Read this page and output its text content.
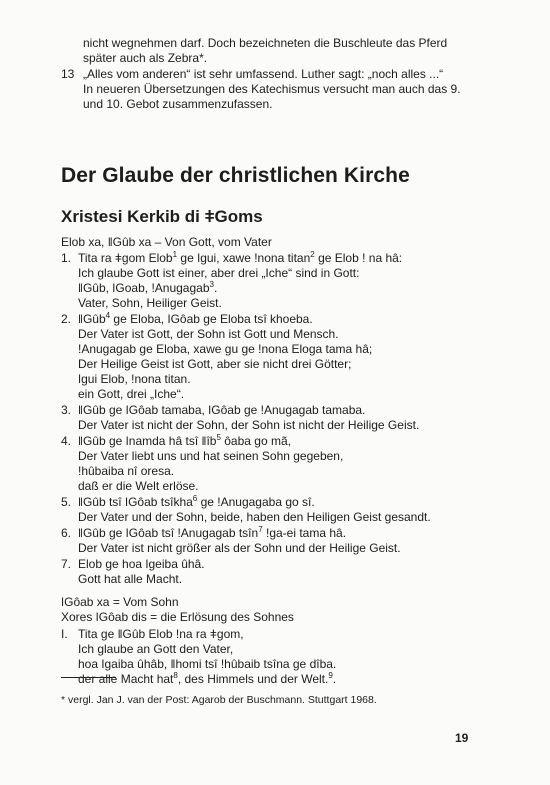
nicht wegnehmen darf. Doch bezeichneten die Buschleute das Pferd
später auch als Zebra*.
13 „Alles vom anderen“ ist sehr umfassend. Luther sagt: „noch alles ...“
In neueren Übersetzungen des Katechismus versucht man auch das 9.
und 10. Gebot zusammenzufassen.
Der Glaube der christlichen Kirche
Xristesi Kerkib di ǂGoms
Elob xa, ǁGûb xa – Von Gott, vom Vater
1. Tita ra ǂgom Elob$^1$ ge ǀgui, xawe !nona titan$^2$ ge Elob ! na hâ:
Ich glaube Gott ist einer, aber drei „Iche“ sind in Gott:
ǁGûb, ǀGoab, !Anugagab$^3$.
Vater, Sohn, Heiliger Geist.
2. ǁGûb$^4$ ge Eloba, ǀGôab ge Eloba tsî khoeba.
Der Vater ist Gott, der Sohn ist Gott und Mensch.
!Anugagab ge Eloba, xawe gu ge !nona Eloga tama hâ;
Der Heilige Geist ist Gott, aber sie nicht drei Götter;
ǀgui Elob, !nona titan.
ein Gott, drei „Iche“.
3. ǁGûb ge ǀGôab tamaba, ǀGôab ge !Anugagab tamaba.
Der Vater ist nicht der Sohn, der Sohn ist nicht der Heilige Geist.
4. ǁGûb ge ǀnamda hâ tsî ǁîb$^5$ ôaba go mã,
Der Vater liebt uns und hat seinen Sohn gegeben,
!hûbaiba nî oresa.
daß er die Welt erlöse.
5. ǁGûb tsî ǀGôab tsîkha$^6$ ge !Anugagaba go sî.
Der Vater und der Sohn, beide, haben den Heiligen Geist gesandt.
6. ǁGûb ge ǀGôab tsî !Anugagab tsîn$^7$ !ga-ei tama hâ.
Der Vater ist nicht größer als der Sohn und der Heilige Geist.
7. Elob ge hoa ǀgeiba ûhâ.
Gott hat alle Macht.
ǀGôab xa = Vom Sohn
Xores ǀGôab dis = die Erlösung des Sohnes
I. Tita ge ǁGûb Elob !na ra ǂgom,
Ich glaube an Gott den Vater,
hoa ǀgaiba ûhâb, ǁhomi tsî !hûbaib tsîna ge dîba.
der alle Macht hat$^8$, des Himmels und der Welt.$^9$.
* vergl. Jan J. van der Post: Agarob der Buschmann. Stuttgart 1968.
19
